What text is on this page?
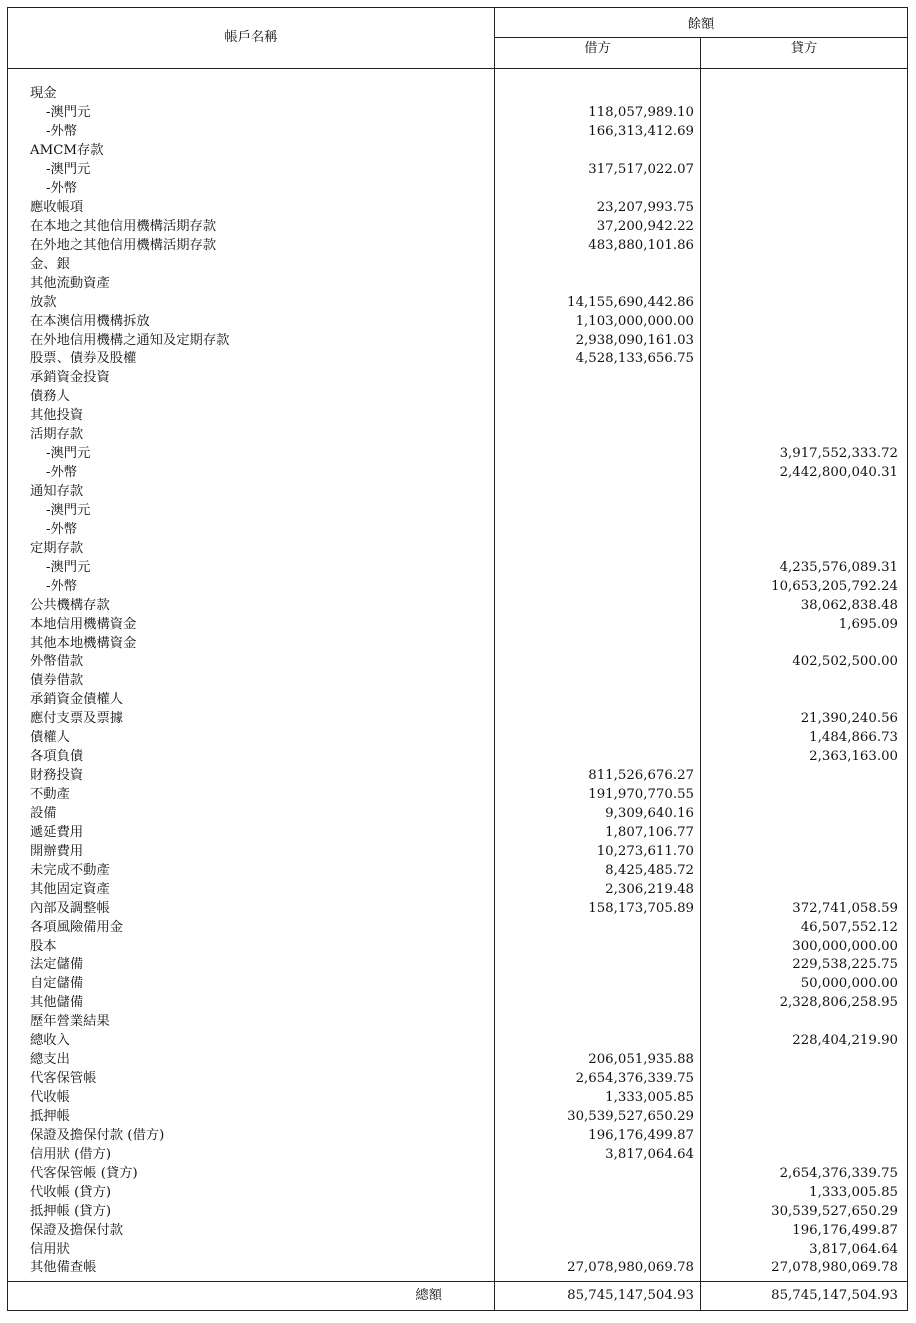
帳戶名稱	餘額	
	借方	貸方

現金		
-澳門元	118,057,989.10	
-外幣	166,313,412.69	
AMCM存款		
-澳門元	317,517,022.07	
-外幣		
應收帳項	23,207,993.75	
在本地之其他信用機構活期存款	37,200,942.22	
在外地之其他信用機構活期存款	483,880,101.86	
金、銀		
其他流動資產		
放款	14,155,690,442.86	
在本澳信用機構拆放	1,103,000,000.00	
在外地信用機構之通知及定期存款	2,938,090,161.03	
股票、債券及股權	4,528,133,656.75	
承銷資金投資		
債務人		
其他投資		
活期存款		
-澳門元		3,917,552,333.72
-外幣		2,442,800,040.31
通知存款		
-澳門元		
-外幣		
定期存款		
-澳門元		4,235,576,089.31
-外幣		10,653,205,792.24
公共機構存款		38,062,838.48
本地信用機構資金		1,695.09
其他本地機構資金		
外幣借款		402,502,500.00
債券借款		
承銷資金債權人		
應付支票及票據		21,390,240.56
債權人		1,484,866.73
各項負債		2,363,163.00
財務投資	811,526,676.27	
不動產	191,970,770.55	
設備	9,309,640.16	
遞延費用	1,807,106.77	
開辦費用	10,273,611.70	
未完成不動產	8,425,485.72	
其他固定資產	2,306,219.48	
內部及調整帳	158,173,705.89	372,741,058.59
各項風險備用金		46,507,552.12
股本		300,000,000.00
法定儲備		229,538,225.75
自定儲備		50,000,000.00
其他儲備		2,328,806,258.95
歷年營業結果		
總收入		228,404,219.90
總支出	206,051,935.88	
代客保管帳	2,654,376,339.75	
代收帳	1,333,005.85	
抵押帳	30,539,527,650.29	
保證及擔保付款 (借方)	196,176,499.87	
信用狀 (借方)	3,817,064.64	
代客保管帳 (貸方)		2,654,376,339.75
代收帳 (貸方)		1,333,005.85
抵押帳 (貸方)		30,539,527,650.29
保證及擔保付款		196,176,499.87
信用狀		3,817,064.64
其他備查帳	27,078,980,069.78	27,078,980,069.78
總額	85,745,147,504.93	85,745,147,504.93
